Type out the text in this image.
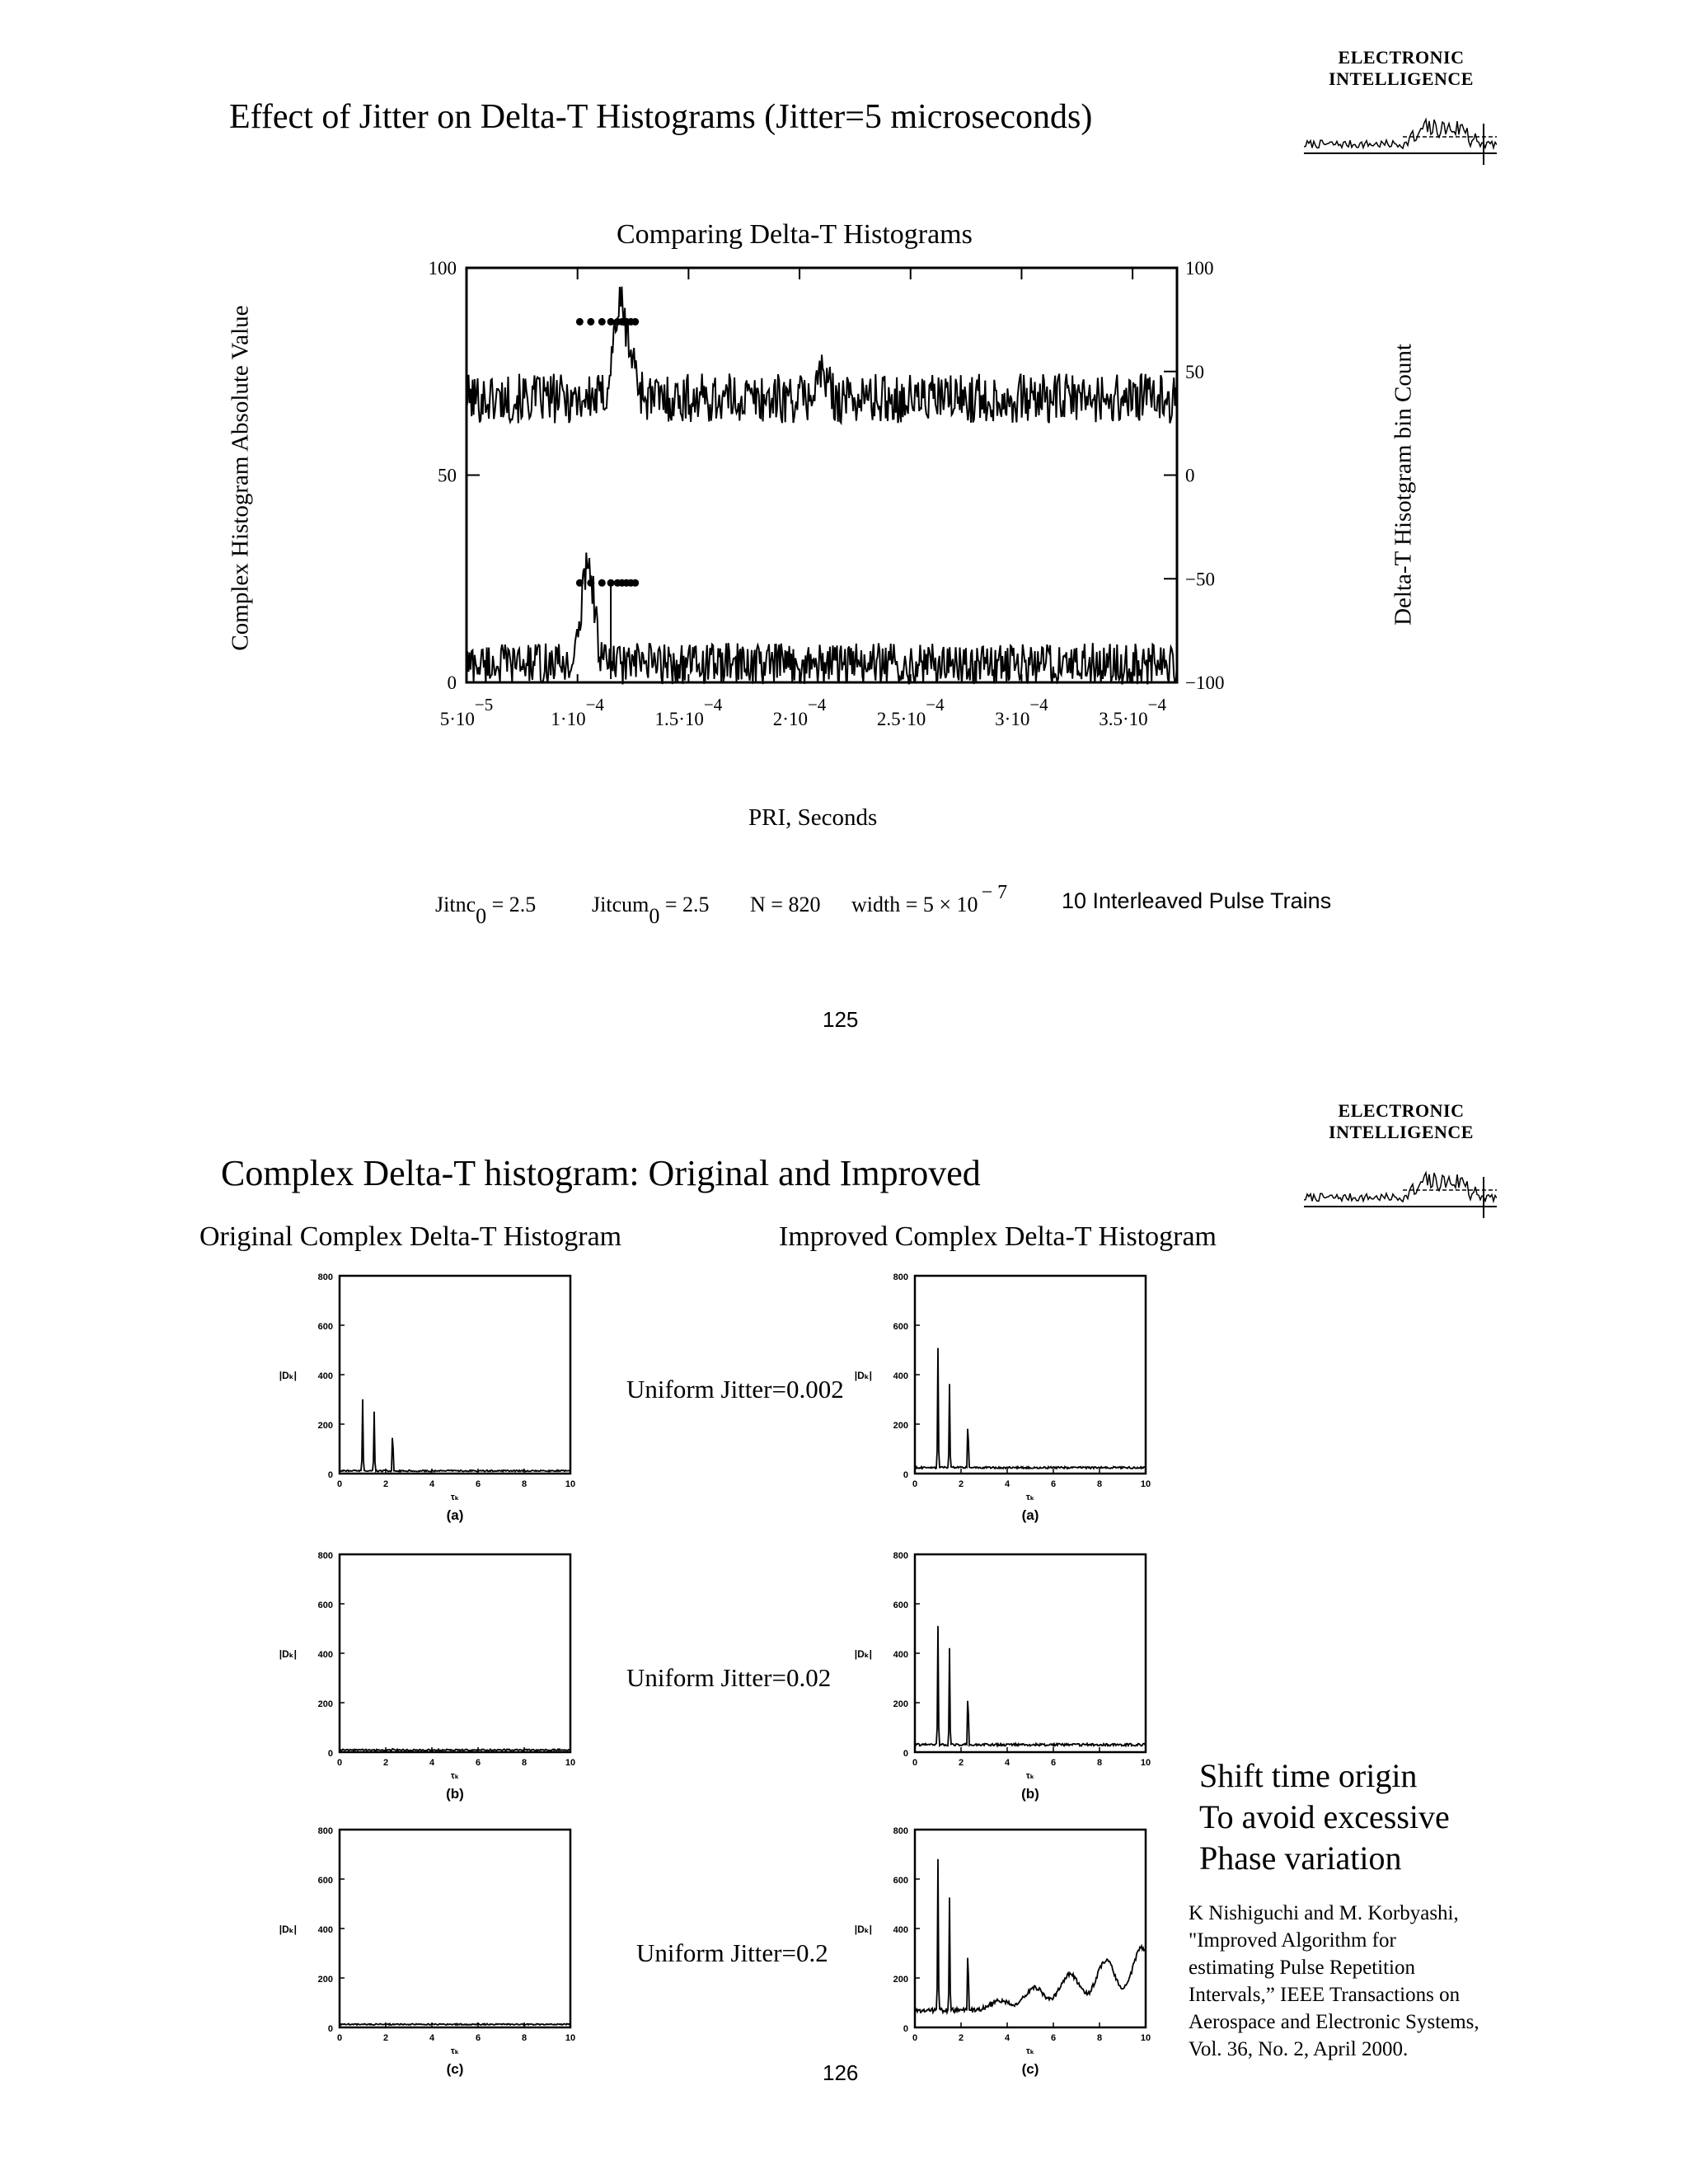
ELECTRONIC
INTELLIGENCE
Effect of Jitter on Delta-T Histograms (Jitter=5 microseconds)
Comparing Delta-T Histograms
0
50
100
−100
−50
0
50
100
5·10−5
1·10−4
1.5·10−4
2·10−4
2.5·10−4
3·10−4
3.5·10−4
Complex Histogram Absolute Value	Delta-T Hisotgram bin Count
PRI, Seconds
Jitnc0 = 2.5	Jitcum0 = 2.5 N = 820 width = 5 × 10 − 7 10 Interleaved Pulse Trains
125
ELECTRONIC
INTELLIGENCE
Complex Delta-T histogram: Original and Improved
Original Complex Delta-T Histogram	Improved Complex Delta-T Histogram
0
200
400
600
800
0	2	4	6	8	10
|Dₖ|
τₖ
(a)
0
200
400
600
800
0	2	4	6	8	10
|Dₖ|
τₖ
(b)
0
200
400
600
800
0	2	4	6	8	10
|Dₖ|
τₖ
(c)
0
200
400
600
800
0	2	4	6	8	10
|Dₖ|
τₖ
(a)
0
200
400
600
800
0	2	4	6	8	10
|Dₖ|
τₖ
(b)
0
200
400
600
800
0	2	4	6	8	10
|Dₖ|
τₖ
(c)
Uniform Jitter=0.002
Uniform Jitter=0.02
Uniform Jitter=0.2
Shift time origin
To avoid excessive
Phase variation
K Nishiguchi and M. Korbyashi,
"Improved Algorithm for
estimating Pulse Repetition
Intervals,” IEEE Transactions on
Aerospace and Electronic Systems,
Vol. 36, No. 2, April 2000.
126
